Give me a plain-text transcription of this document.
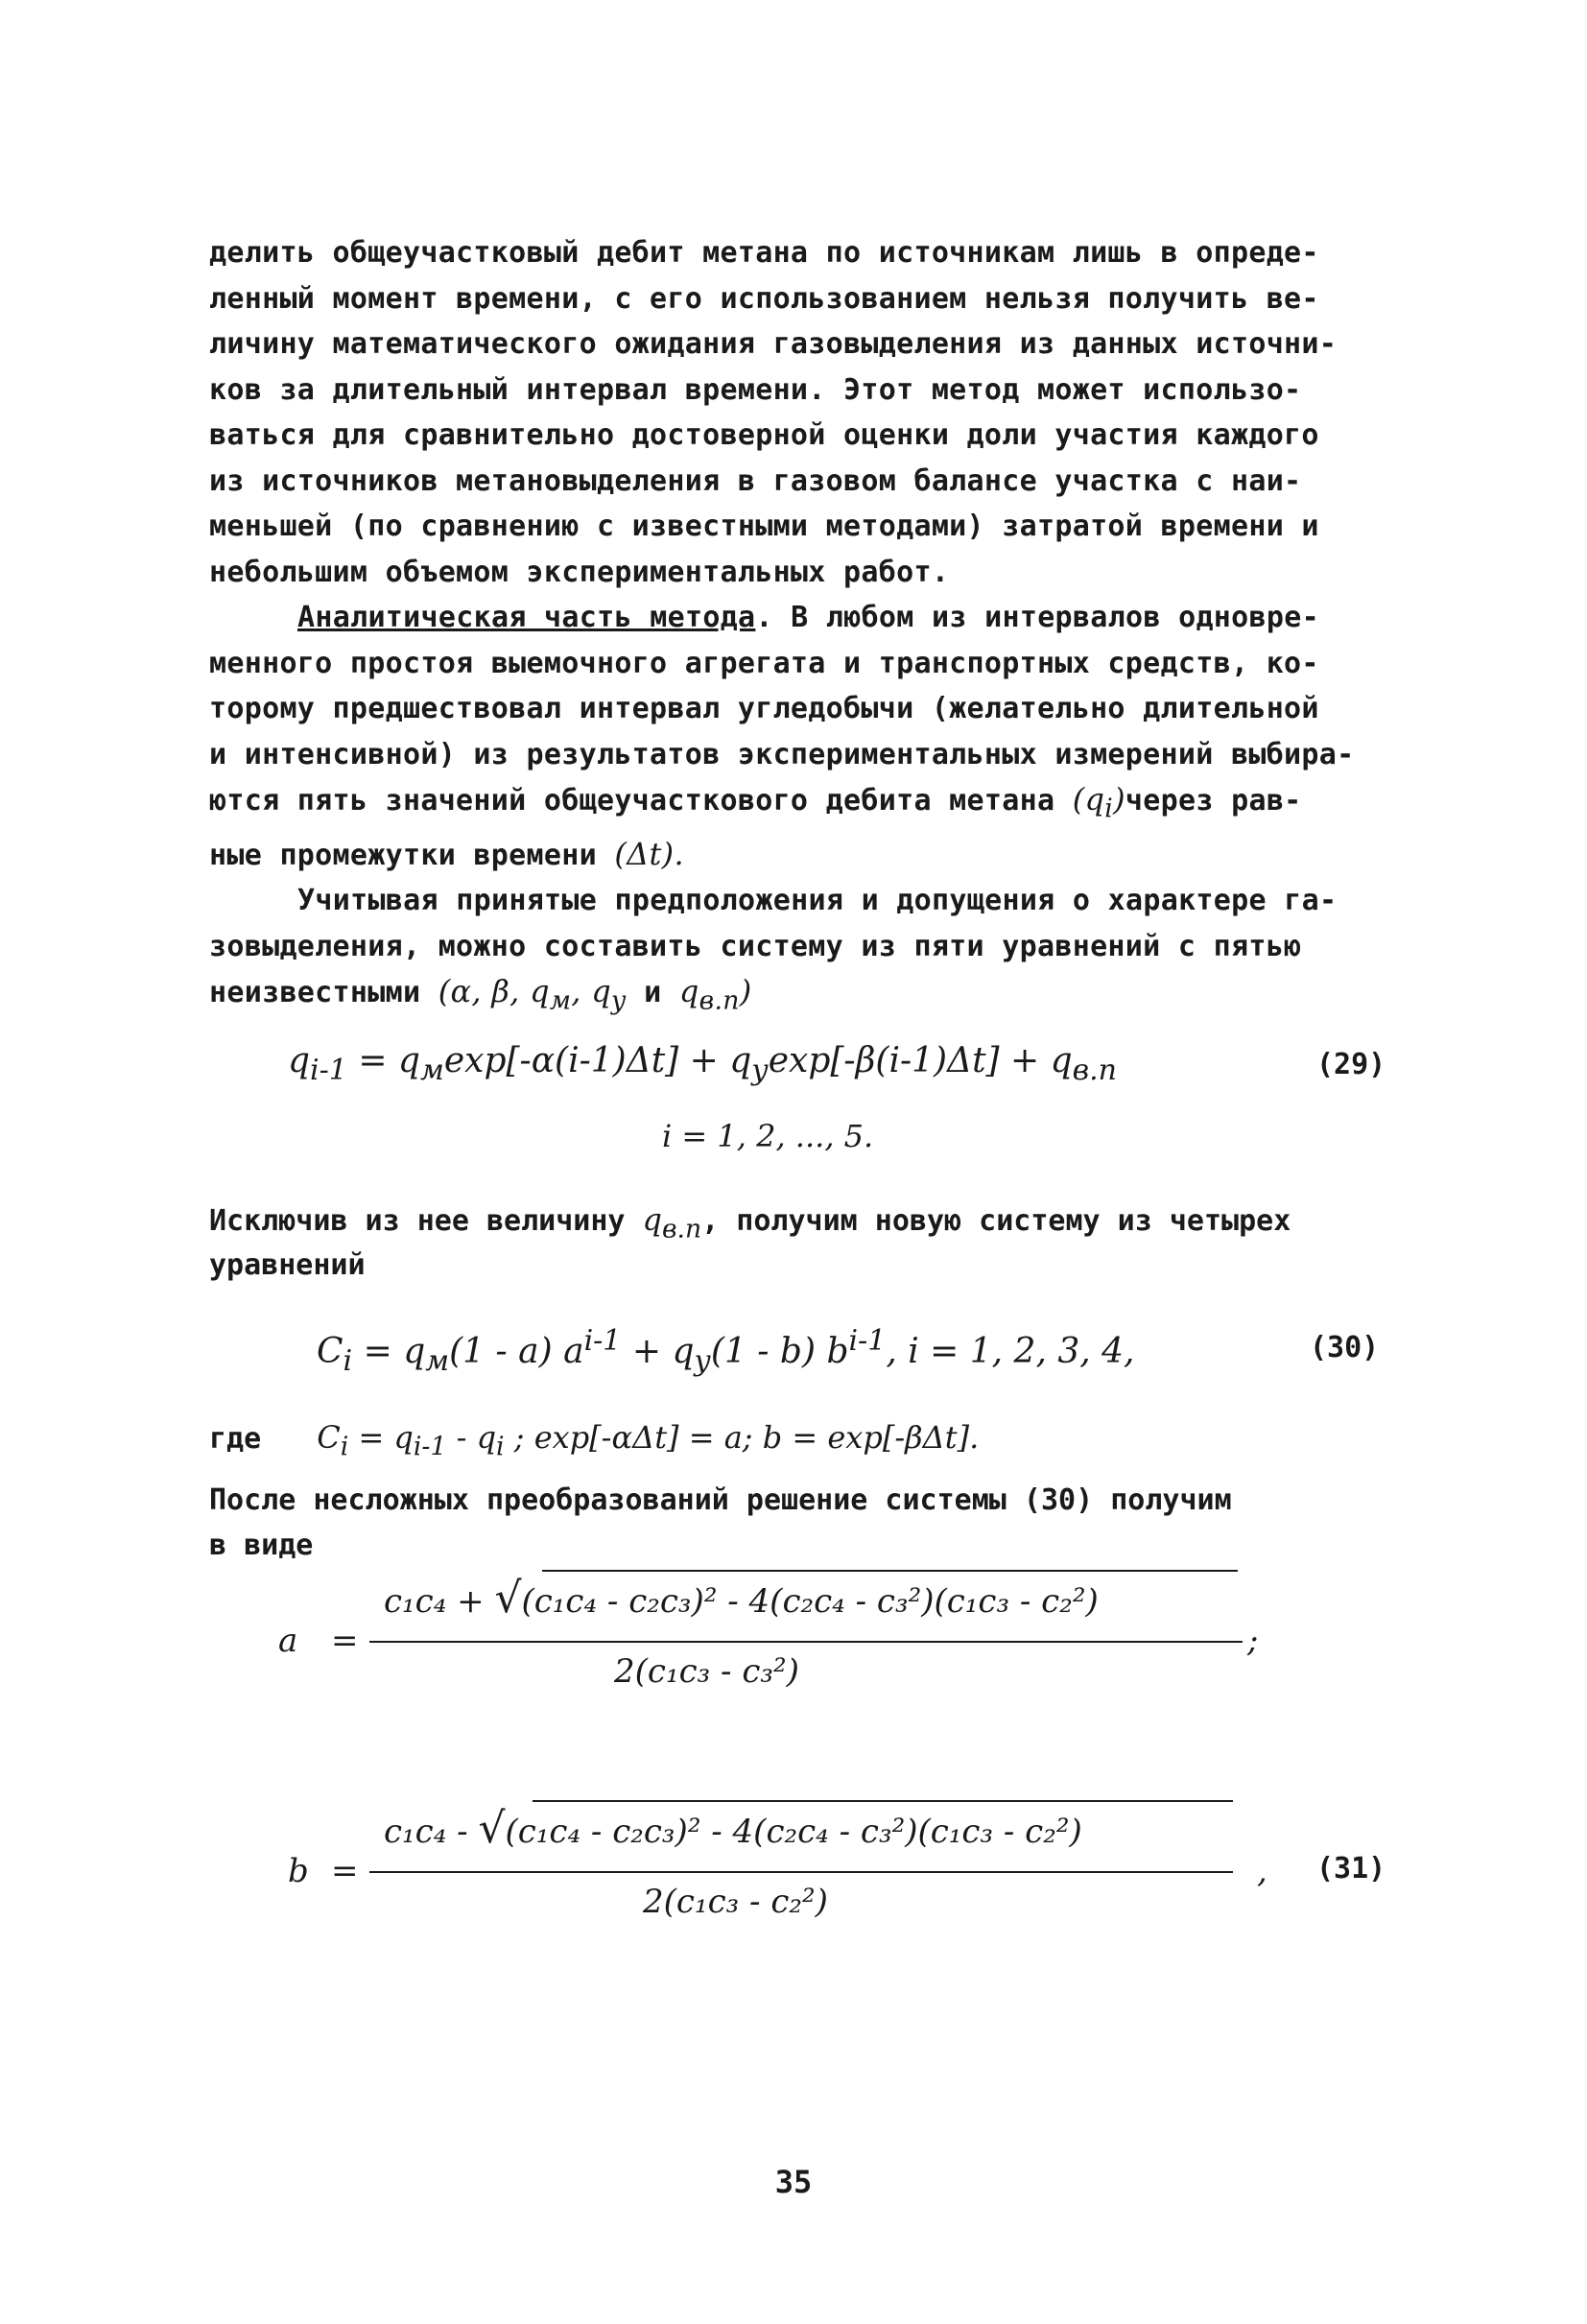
делить общеучастковый дебит метана по источникам лишь в опреде-
ленный момент времени, с его использованием нельзя получить ве-
личину математического ожидания газовыделения из данных источни-
ков за длительный интервал времени. Этот метод может использо-
ваться для сравнительно достоверной оценки доли участия каждого
из источников метановыделения в газовом балансе участка с наи-
меньшей (по сравнению с известными методами) затратой времени и
небольшим объемом экспериментальных работ.
Аналитическая часть метода. В любом из интервалов одновре-
менного простоя выемочного агрегата и транспортных средств, ко-
торому предшествовал интервал угледобычи (желательно длительной
и интенсивной) из результатов экспериментальных измерений выбира-
ются пять значений общеучасткового дебита метана $(q_i)через$ рав-
ные промежутки времени (Δt).
Учитывая принятые предположения и допущения о характере га-
зовыделения, можно составить систему из пяти уравнений с пятью
неизвестными (α, β, $q_м$, $q_у$ и $q_{в.п}$)
$q_{i-1} = q_м\exp[-\alpha(i-1)\Delta t] + q_у\exp[-\beta(i-1)\Delta t] + q_{в.п}$	(29)
i = 1, 2, ..., 5.
Исключив из нее величину $q_{в.п}$, получим новую систему из четырех
уравнений
$C_i = q_м(1 - a) a^{i-1} + q_у(1 - b)$ $b^{i-1}$, i = 1, 2, 3, 4,	(30)
где $C_i = q_{i-1} - q_i$ ; exp[-αΔt] = a; b = exp[-βΔt].
После несложных преобразований решение системы (30) получим
в виде
a	=
c₁c₄ + √(c₁c₄ - c₂c₃)² - 4(c₂c₄ - c₃²)(c₁c₃ - c₂²)
2(c₁c₃ - c₃²)
;
b =
c₁c₄ - √(c₁c₄ - c₂c₃)² - 4(c₂c₄ - c₃²)(c₁c₃ - c₂²)
2(c₁c₃ - c₂²)
,	(31)
35
